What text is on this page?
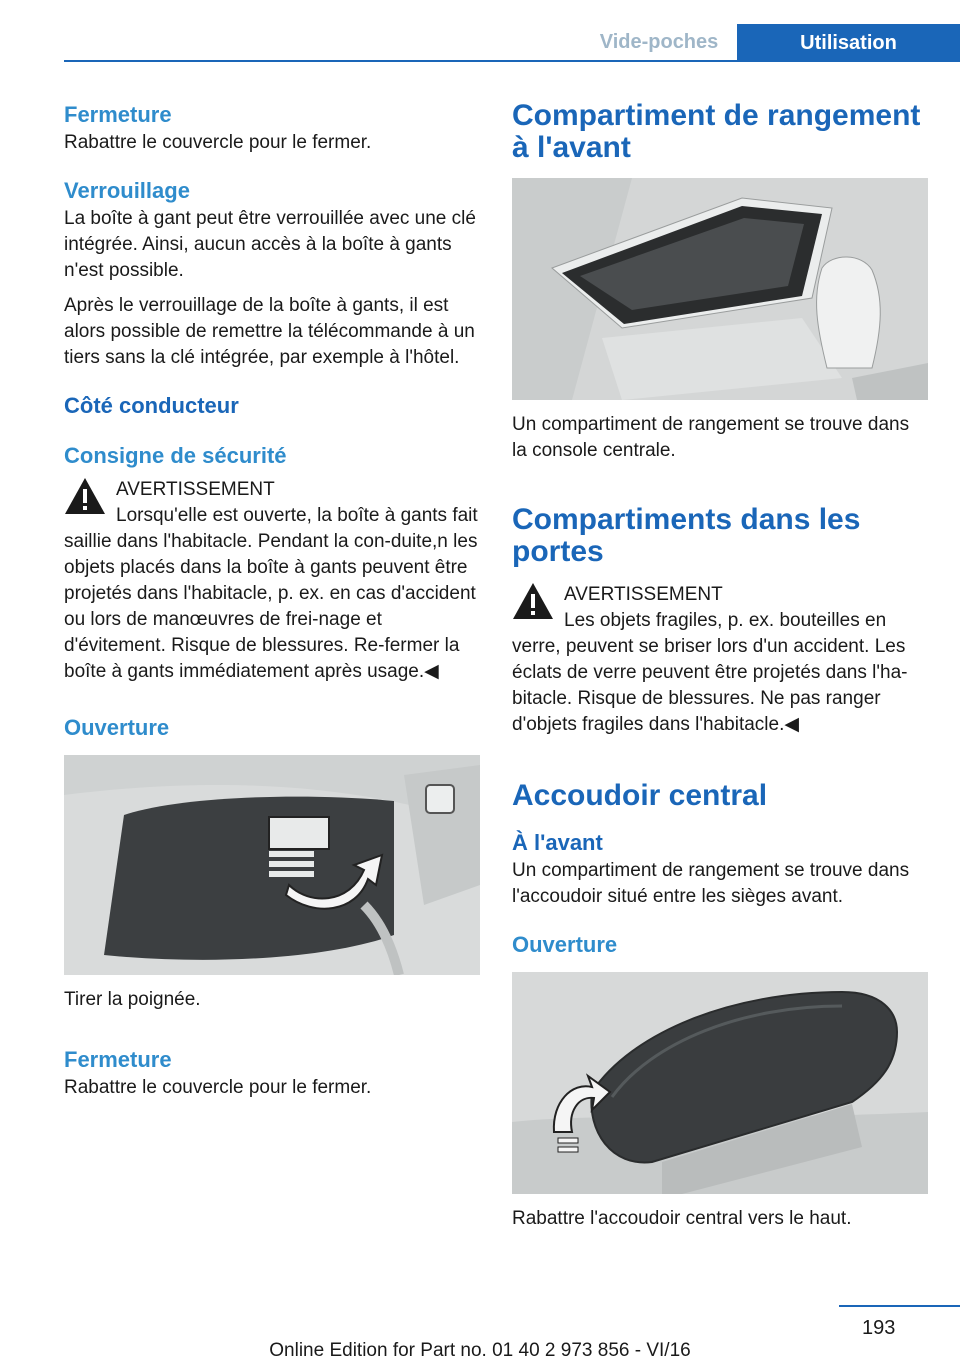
Vide-poches	Utilisation
Fermeture

Rabattre le couvercle pour le fermer.

Verrouillage

La boîte à gant peut être verrouillée avec une clé intégrée. Ainsi, aucun accès à la boîte à gants n'est possible.

Après le verrouillage de la boîte à gants, il est alors possible de remettre la télécommande à un tiers sans la clé intégrée, par exemple à l'hôtel.

Côté conducteur
Consigne de sécurité

AVERTISSEMENT

Lorsqu'elle est ouverte, la boîte à gants fait saillie dans l'habitacle. Pendant la con‐duite,n les objets placés dans la boîte à gants peuvent être projetés dans l'habitacle, p. ex. en cas d'accident ou lors de manœuvres de frei‐nage et d'évitement. Risque de blessures. Re‐fermer la boîte à gants immédiatement après usage.◀

Ouverture

Tirer la poignée.

Fermeture

Rabattre le couvercle pour le fermer.

Compartiment de rangement à l'avant

Un compartiment de rangement se trouve dans la console centrale.

Compartiments dans les portes

AVERTISSEMENT

Les objets fragiles, p. ex. bouteilles en verre, peuvent se briser lors d'un accident. Les éclats de verre peuvent être projetés dans l'ha‐bitacle. Risque de blessures. Ne pas ranger d'objets fragiles dans l'habitacle.◀

Accoudoir central
À l'avant

Un compartiment de rangement se trouve dans l'accoudoir situé entre les sièges avant.

Ouverture

Rabattre l'accoudoir central vers le haut.

193
Online Edition for Part no. 01 40 2 973 856 - VI/16
